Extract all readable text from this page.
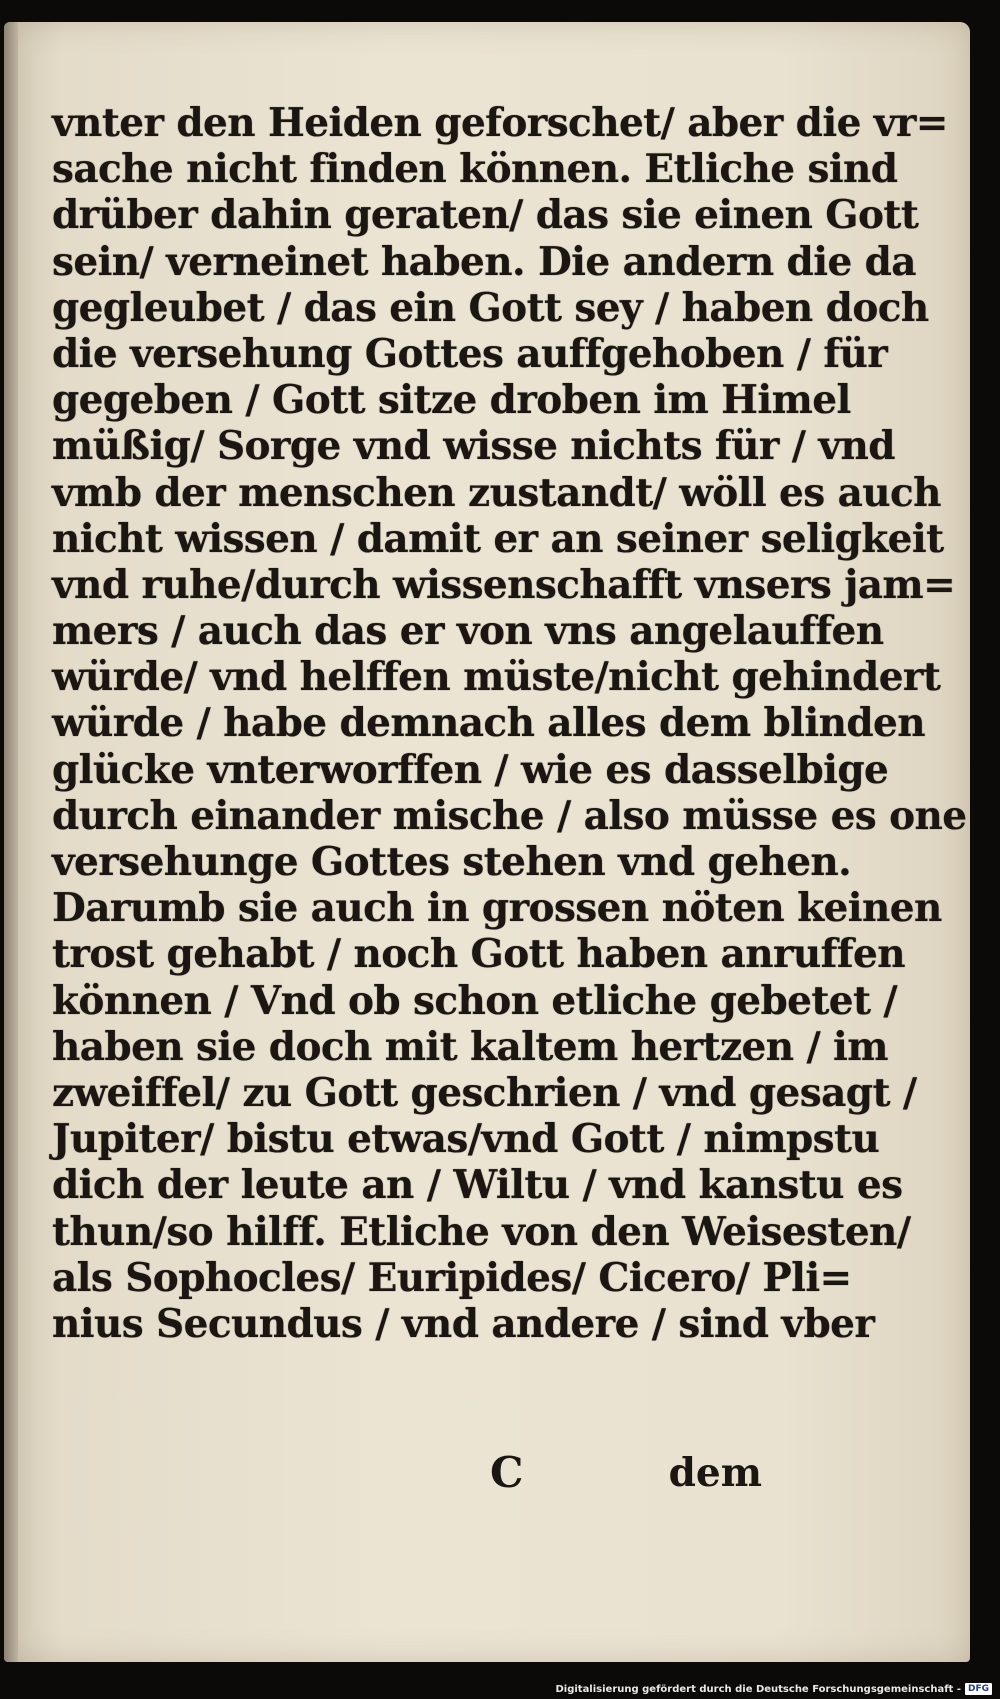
vnter den Heiden geforschet/ aber die vr=
sache nicht finden können. Etliche sind
drüber dahin geraten/ das sie einen Gott
sein/ verneinet haben. Die andern die da
gegleubet / das ein Gott sey / haben doch
die versehung Gottes auffgehoben / für
gegeben / Gott sitze droben im Himel
müßig/ Sorge vnd wisse nichts für / vnd
vmb der menschen zustandt/ wöll es auch
nicht wissen / damit er an seiner seligkeit
vnd ruhe/durch wissenschafft vnsers jam=
mers / auch das er von vns angelauffen
würde/ vnd helffen müste/nicht gehindert
würde / habe demnach alles dem blinden
glücke vnterworffen / wie es dasselbige
durch einander mische / also müsse es one
versehunge Gottes stehen vnd gehen.
Darumb sie auch in grossen nöten keinen
trost gehabt / noch Gott haben anruffen
können / Vnd ob schon etliche gebetet /
haben sie doch mit kaltem hertzen / im
zweiffel/ zu Gott geschrien / vnd gesagt /
Jupiter/ bistu etwas/vnd Gott / nimpstu
dich der leute an / Wiltu / vnd kanstu es
thun/so hilff. Etliche von den Weisesten/
als Sophocles/ Euripides/ Cicero/ Pli=
nius Secundus / vnd andere / sind vber
C	dem
Digitalisierung gefördert durch die Deutsche Forschungsgemeinschaft - DFG
